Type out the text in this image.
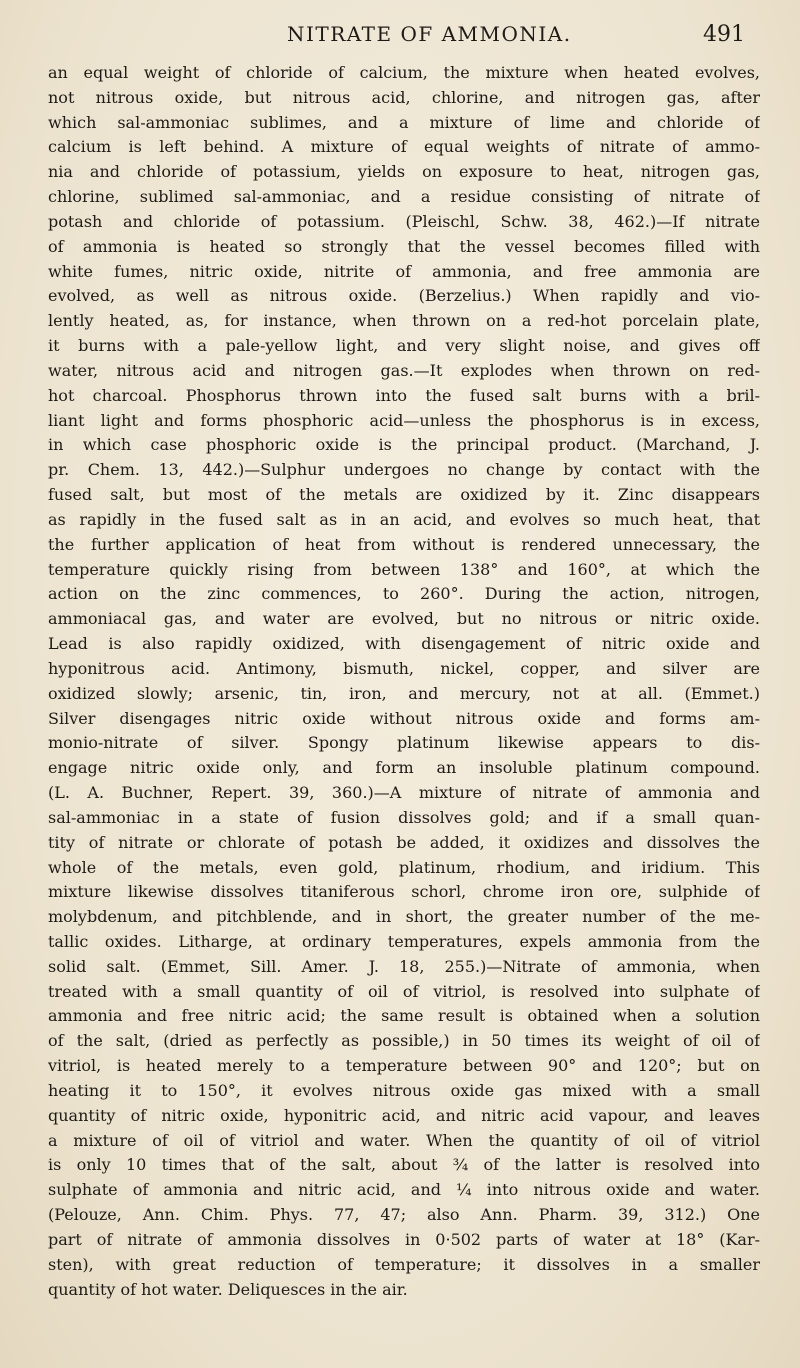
NITRATE OF AMMONIA.	491
an equal weight of chloride of calcium, the mixture when heated evolves,
not nitrous oxide, but nitrous acid, chlorine, and nitrogen gas, after
which sal-ammoniac sublimes, and a mixture of lime and chloride of
calcium is left behind. A mixture of equal weights of nitrate of ammo-
nia and chloride of potassium, yields on exposure to heat, nitrogen gas,
chlorine, sublimed sal-ammoniac, and a residue consisting of nitrate of
potash and chloride of potassium. (Pleischl, Schw. 38, 462.)—If nitrate
of ammonia is heated so strongly that the vessel becomes filled with
white fumes, nitric oxide, nitrite of ammonia, and free ammonia are
evolved, as well as nitrous oxide. (Berzelius.) When rapidly and vio-
lently heated, as, for instance, when thrown on a red-hot porcelain plate,
it burns with a pale-yellow light, and very slight noise, and gives off
water, nitrous acid and nitrogen gas.—It explodes when thrown on red-
hot charcoal. Phosphorus thrown into the fused salt burns with a bril-
liant light and forms phosphoric acid—unless the phosphorus is in excess,
in which case phosphoric oxide is the principal product. (Marchand, J.
pr. Chem. 13, 442.)—Sulphur undergoes no change by contact with the
fused salt, but most of the metals are oxidized by it. Zinc disappears
as rapidly in the fused salt as in an acid, and evolves so much heat, that
the further application of heat from without is rendered unnecessary, the
temperature quickly rising from between 138° and 160°, at which the
action on the zinc commences, to 260°. During the action, nitrogen,
ammoniacal gas, and water are evolved, but no nitrous or nitric oxide.
Lead is also rapidly oxidized, with disengagement of nitric oxide and
hyponitrous acid. Antimony, bismuth, nickel, copper, and silver are
oxidized slowly; arsenic, tin, iron, and mercury, not at all. (Emmet.)
Silver disengages nitric oxide without nitrous oxide and forms am-
monio-nitrate of silver. Spongy platinum likewise appears to dis-
engage nitric oxide only, and form an insoluble platinum compound.
(L. A. Buchner, Repert. 39, 360.)—A mixture of nitrate of ammonia and
sal-ammoniac in a state of fusion dissolves gold; and if a small quan-
tity of nitrate or chlorate of potash be added, it oxidizes and dissolves the
whole of the metals, even gold, platinum, rhodium, and iridium. This
mixture likewise dissolves titaniferous schorl, chrome iron ore, sulphide of
molybdenum, and pitchblende, and in short, the greater number of the me-
tallic oxides. Litharge, at ordinary temperatures, expels ammonia from the
solid salt. (Emmet, Sill. Amer. J. 18, 255.)—Nitrate of ammonia, when
treated with a small quantity of oil of vitriol, is resolved into sulphate of
ammonia and free nitric acid; the same result is obtained when a solution
of the salt, (dried as perfectly as possible,) in 50 times its weight of oil of
vitriol, is heated merely to a temperature between 90° and 120°; but on
heating it to 150°, it evolves nitrous oxide gas mixed with a small
quantity of nitric oxide, hyponitric acid, and nitric acid vapour, and leaves
a mixture of oil of vitriol and water. When the quantity of oil of vitriol
is only 10 times that of the salt, about ¾ of the latter is resolved into
sulphate of ammonia and nitric acid, and ¼ into nitrous oxide and water.
(Pelouze, Ann. Chim. Phys. 77, 47; also Ann. Pharm. 39, 312.) One
part of nitrate of ammonia dissolves in 0·502 parts of water at 18° (Kar-
sten), with great reduction of temperature; it dissolves in a smaller
quantity of hot water. Deliquesces in the air.
